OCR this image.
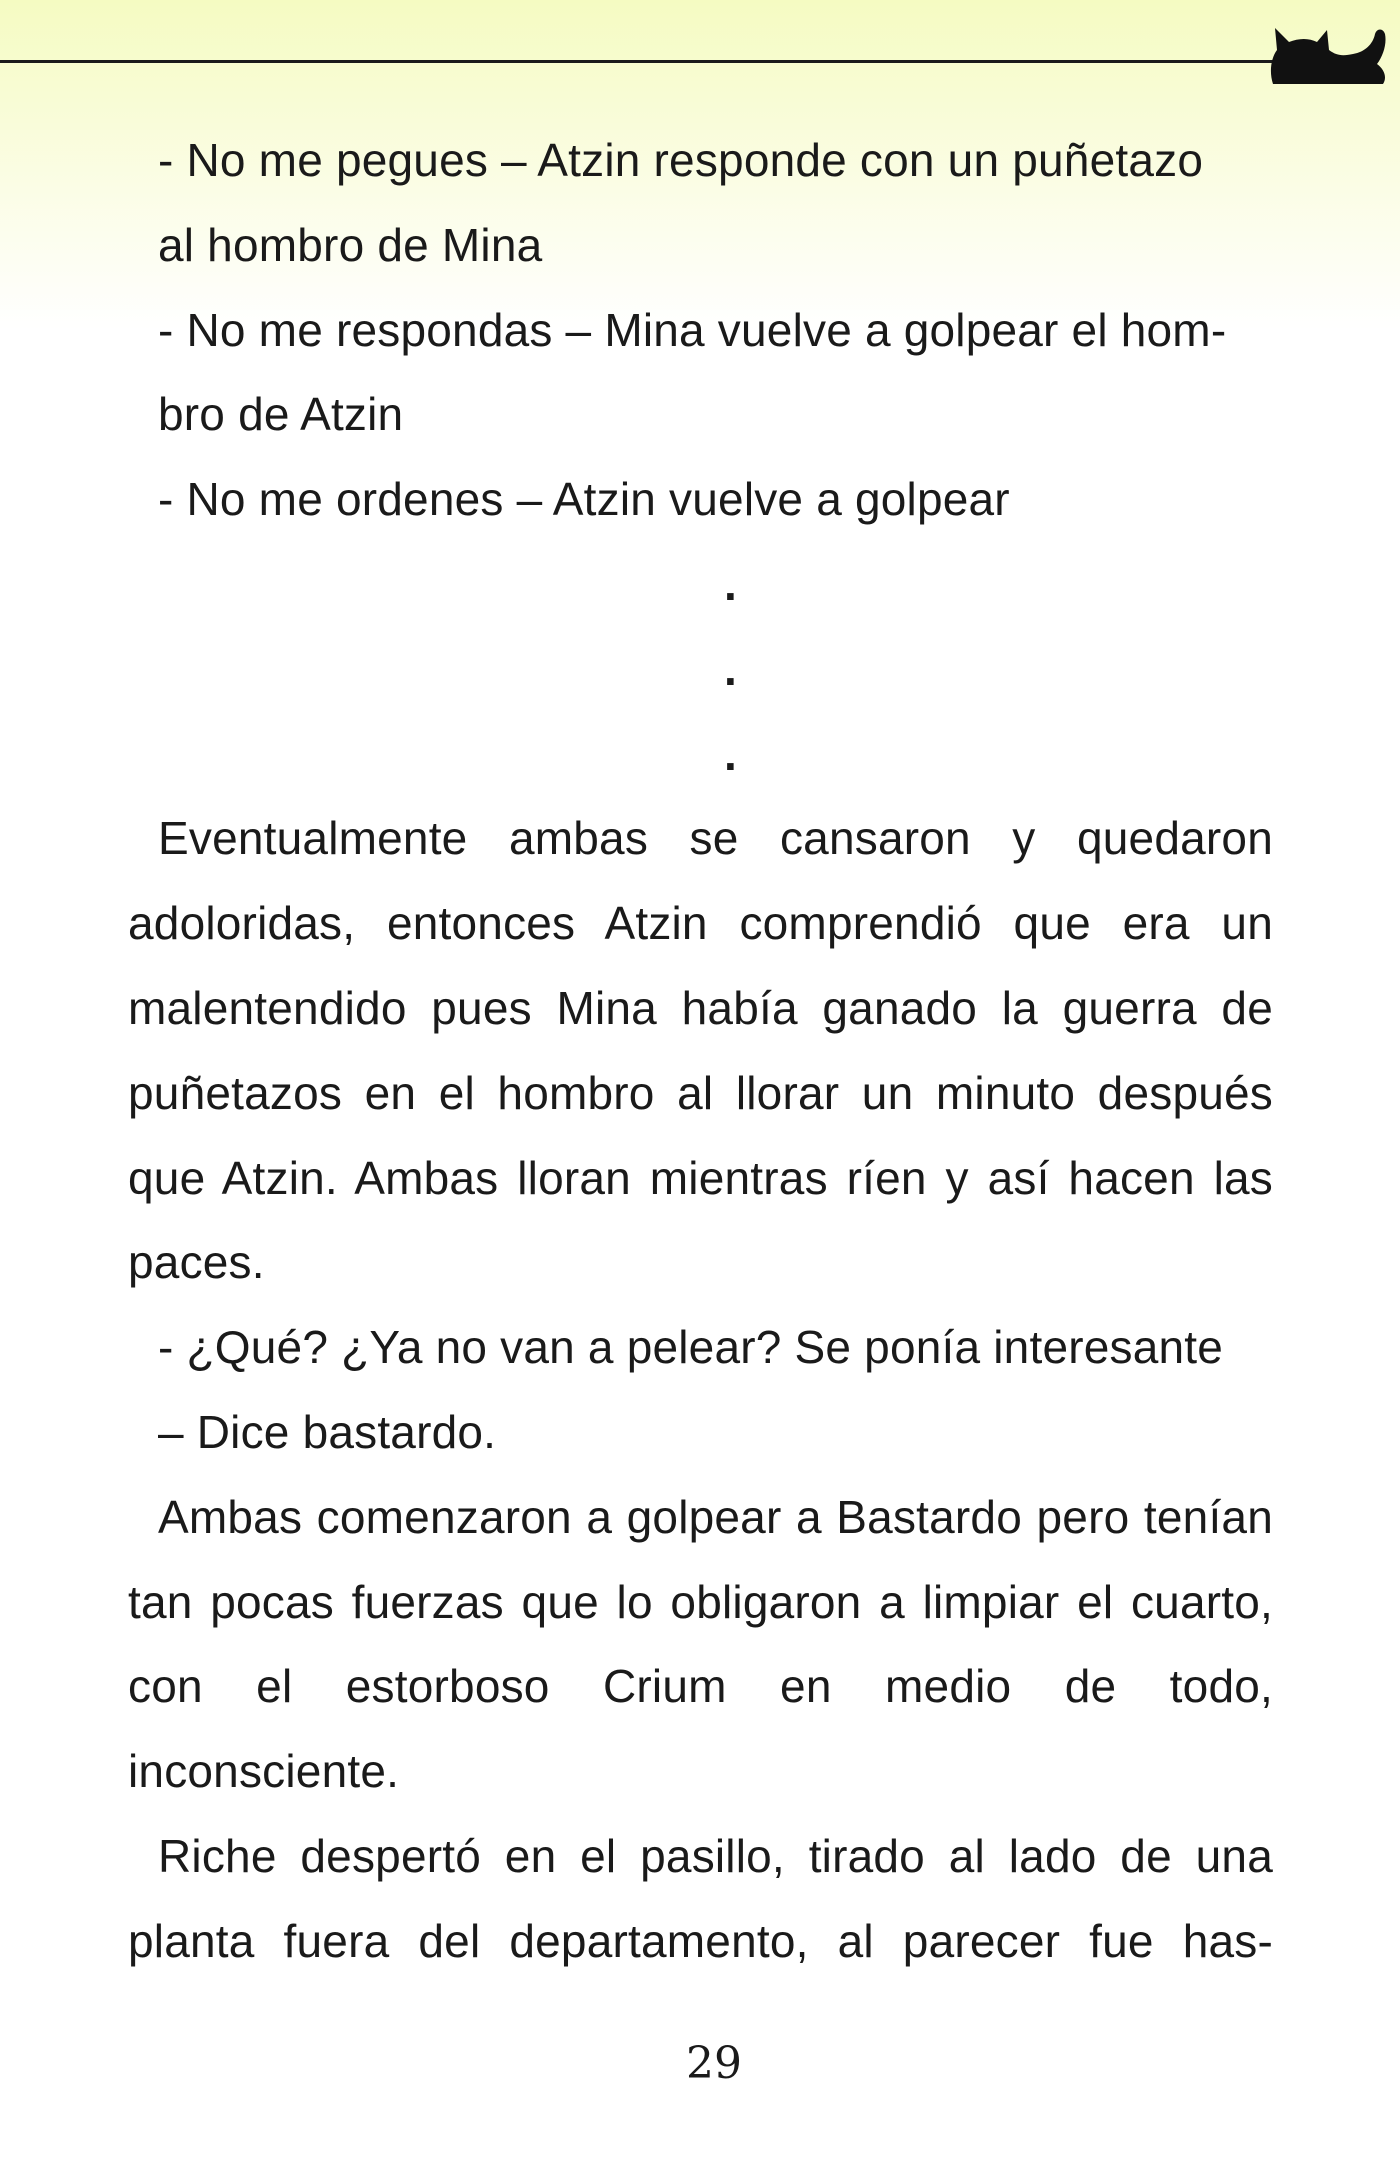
- No me pegues – Atzin responde con un puñetazo

al hombro de Mina

- No me respondas – Mina vuelve a golpear el hom-

bro de Atzin

- No me ordenes – Atzin vuelve a golpear

.
.
.

Eventualmente ambas se cansaron y quedaron adoloridas, entonces Atzin comprendió que era un malentendido pues Mina había ganado la guerra de puñetazos en el hombro al llorar un minuto después que Atzin. Ambas lloran mientras ríen y así hacen las paces.

- ¿Qué? ¿Ya no van a pelear? Se ponía interesante

– Dice bastardo.

Ambas comenzaron a golpear a Bastardo pero tenían tan pocas fuerzas que lo obligaron a limpiar el cuarto, con el estorboso Crium en medio de todo, inconsciente.

Riche despertó en el pasillo, tirado al lado de una planta fuera del departamento, al parecer fue has-

29
